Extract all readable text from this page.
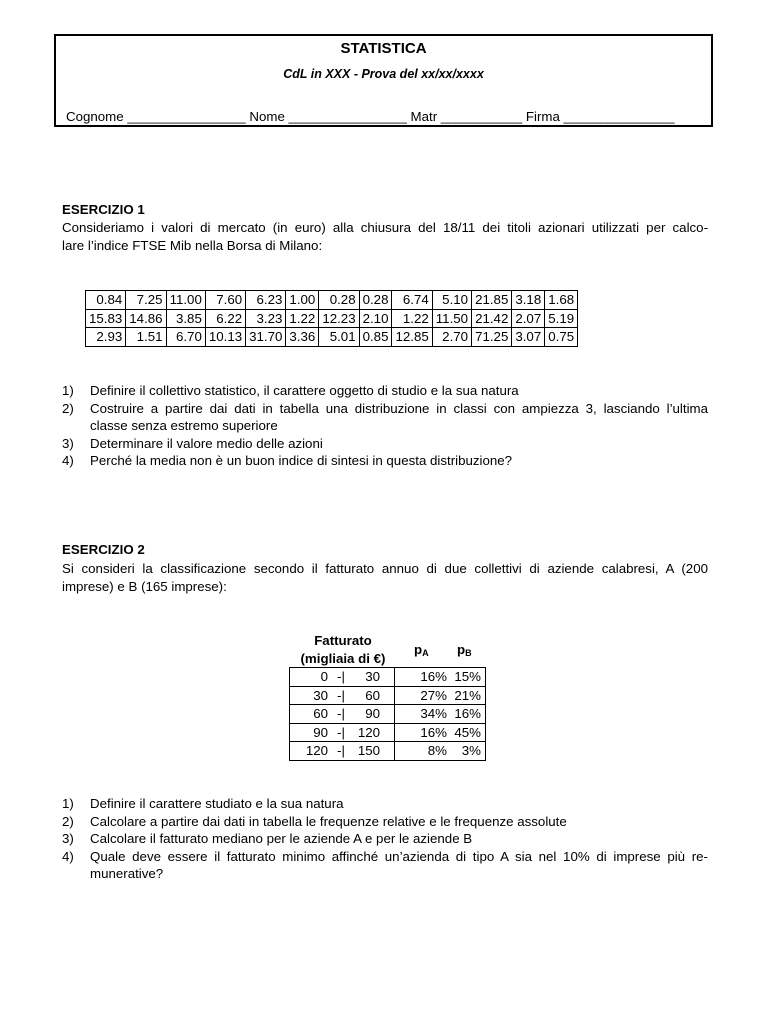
STATISTICA
CdL in XXX - Prova del xx/xx/xxxx
Cognome ________________ Nome ________________ Matr ___________ Firma _______________
ESERCIZIO 1
Consideriamo i valori di mercato (in euro) alla chiusura del 18/11 dei titoli azionari utilizzati per calco-
lare l’indice FTSE Mib nella Borsa di Milano:
0.84	7.25	11.00	7.60	6.23	1.00	0.28	0.28	6.74	5.10	21.85	3.18	1.68
15.83	14.86	3.85	6.22	3.23	1.22	12.23	2.10	1.22	11.50	21.42	2.07	5.19
2.93	1.51	6.70	10.13	31.70	3.36	5.01	0.85	12.85	2.70	71.25	3.07	0.75
1) Definire il collettivo statistico, il carattere oggetto di studio e la sua natura
2) Costruire a partire dai dati in tabella una distribuzione in classi con ampiezza 3, lasciando l’ultima
classe senza estremo superiore
3) Determinare il valore medio delle azioni
4) Perché la media non è un buon indice di sintesi in questa distribuzione?
ESERCIZIO 2
Si consideri la classificazione secondo il fatturato annuo di due collettivi di aziende calabresi, A (200
imprese) e B (165 imprese):
Fatturato
(migliaia di €)
$p_A$ $p_B$
0 -| 30	16%	15%
30 -| 60	27%	21%
60 -| 90	34%	16%
90 -| 120	16%	45%
120 -| 150	8%	3%
1) Definire il carattere studiato e la sua natura
2) Calcolare a partire dai dati in tabella le frequenze relative e le frequenze assolute
3) Calcolare il fatturato mediano per le aziende A e per le aziende B
4) Quale deve essere il fatturato minimo affinché un’azienda di tipo A sia nel 10% di imprese più re-
munerative?
